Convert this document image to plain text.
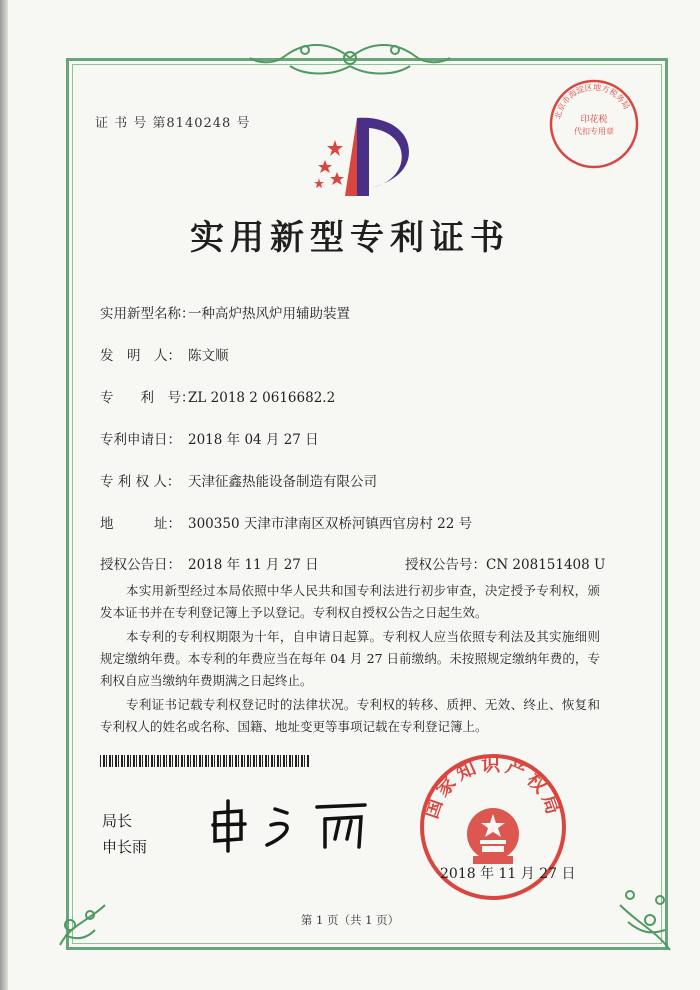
证 书 号 第8140248 号
北京市海淀区地方税务局
印花税
代扣专用章
实用新型专利证书
实用新型名称：一种高炉热风炉用辅助装置
发　明　人： 陈文顺
专　　利　号：ZL 2018 2 0616682.2
专利申请日： 2018 年 04 月 27 日
专 利 权 人： 天津征鑫热能设备制造有限公司
地　　　址： 300350 天津市津南区双桥河镇西官房村 22 号
授权公告日： 2018 年 11 月 27 日	授权公告号：CN 208151408 U
本实用新型经过本局依照中华人民共和国专利法进行初步审查，决定授予专利权，颁发本证书并在专利登记簿上予以登记。专利权自授权公告之日起生效。
本专利的专利权期限为十年，自申请日起算。专利权人应当依照专利法及其实施细则规定缴纳年费。本专利的年费应当在每年 04 月 27 日前缴纳。未按照规定缴纳年费的，专利权自应当缴纳年费期满之日起终止。
专利证书记载专利权登记时的法律状况。专利权的转移、质押、无效、终止、恢复和专利权人的姓名或名称、国籍、地址变更等事项记载在专利登记簿上。
局长
申长雨
国家知识产权局
2018 年 11 月 27 日
第 1 页（共 1 页）
